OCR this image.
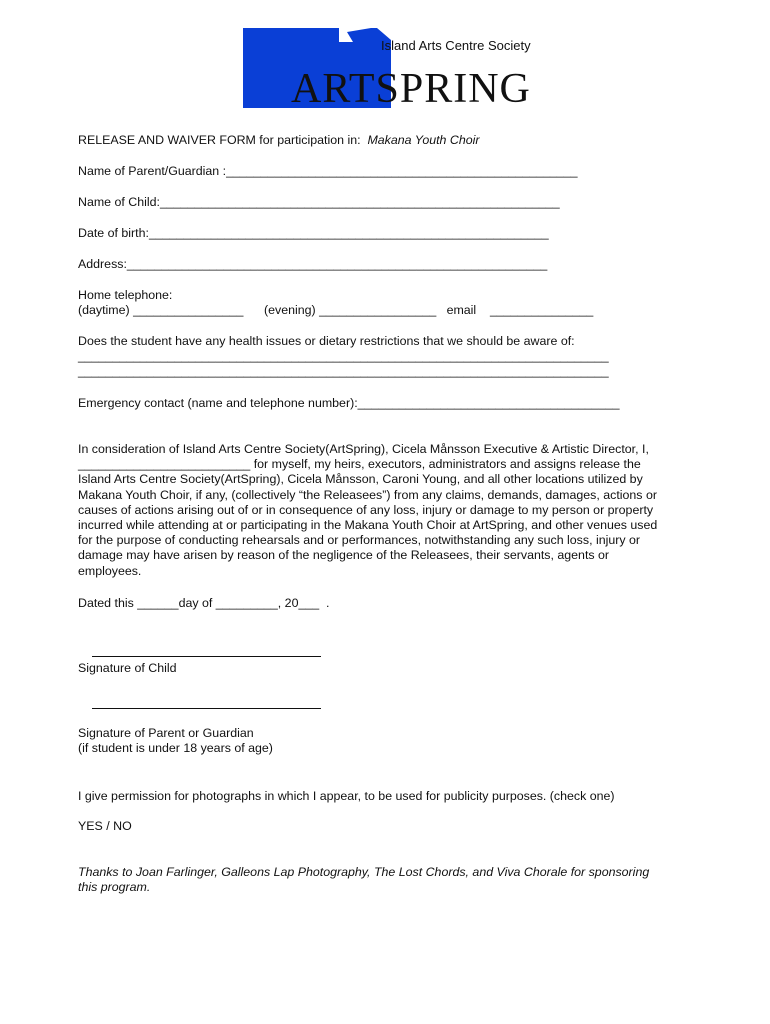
ARTSPRING
Island Arts Centre Society
RELEASE AND WAIVER FORM for participation in: Makana Youth Choir
Name of Parent/Guardian :___________________________________________________
Name of Child:__________________________________________________________
Date of birth:__________________________________________________________
Address:_____________________________________________________________
Home telephone:
(daytime) ________________      (evening) _________________   email    _______________
Does the student have any health issues or dietary restrictions that we should be aware of:
_____________________________________________________________________________
_____________________________________________________________________________
Emergency contact (name and telephone number):______________________________________
In consideration of Island Arts Centre Society(ArtSpring), Cicela Månsson Executive & Artistic Director, I, _________________________ for myself, my heirs, executors, administrators and assigns release the Island Arts Centre Society(ArtSpring), Cicela Månsson, Caroni Young, and all other locations utilized by Makana Youth Choir, if any, (collectively “the Releasees”) from any claims, demands, damages, actions or causes of actions arising out of or in consequence of any loss, injury or damage to my person or property incurred while attending at or participating in the Makana Youth Choir at ArtSpring, and other venues used for the purpose of conducting rehearsals and or performances, notwithstanding any such loss, injury or damage may have arisen by reason of the negligence of the Releasees, their servants, agents or employees.
Dated this ______day of _________, 20___  .
Signature of Child
Signature of Parent or Guardian
(if student is under 18 years of age)
I give permission for photographs in which I appear, to be used for publicity purposes. (check one)
YES / NO
Thanks to Joan Farlinger, Galleons Lap Photography, The Lost Chords, and Viva Chorale for sponsoring this program.
